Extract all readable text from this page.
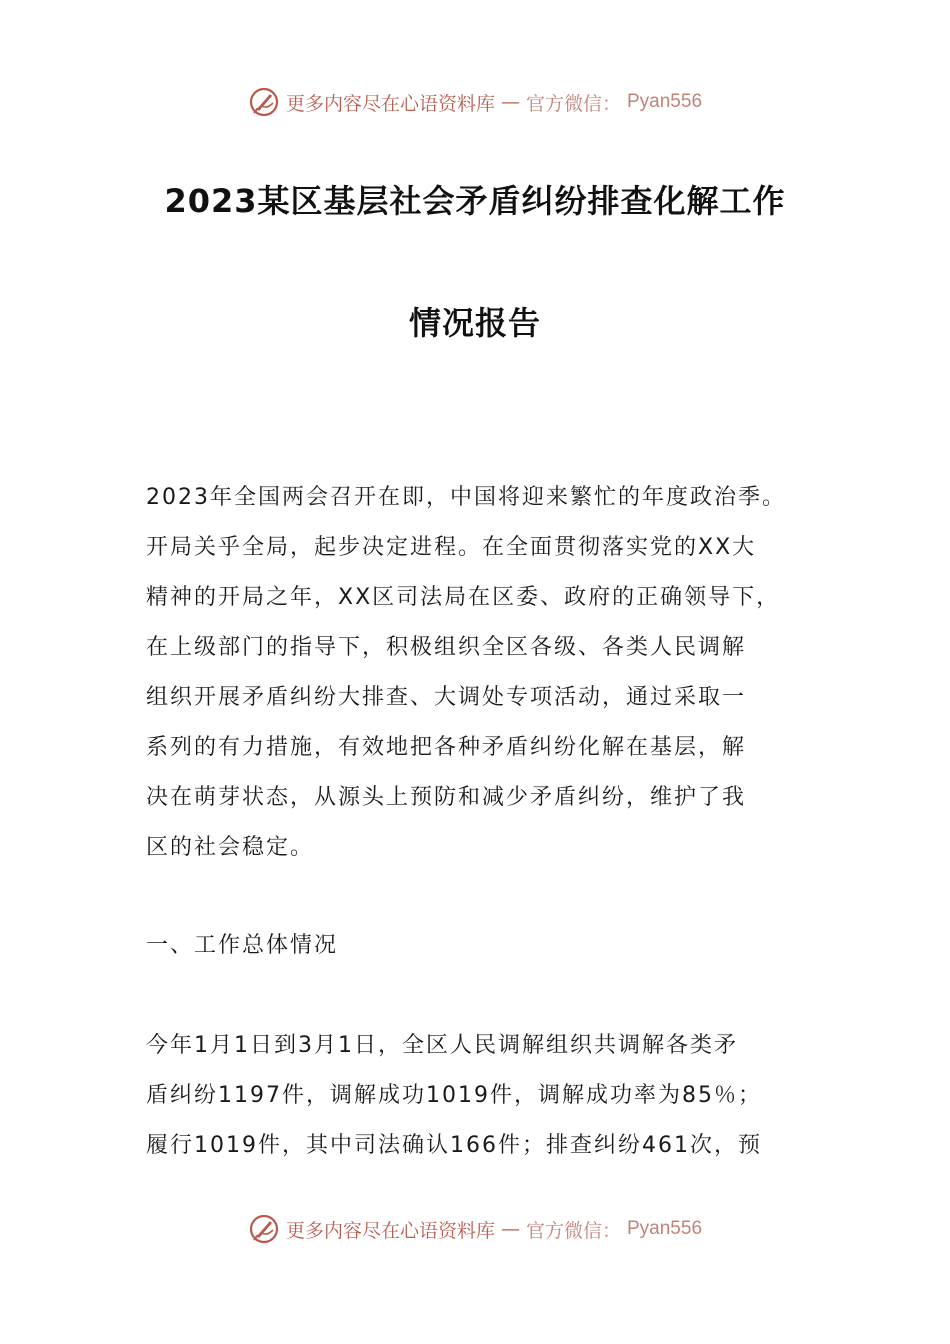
更多内容尽在心语资料库 — 官方微信： Pyan556
2023某区基层社会矛盾纠纷排查化解工作
情况报告

2023年全国两会召开在即，中国将迎来繁忙的年度政治季。
开局关乎全局，起步决定进程。在全面贯彻落实党的XX大
精神的开局之年，XX区司法局在区委、政府的正确领导下，
在上级部门的指导下，积极组织全区各级、各类人民调解
组织开展矛盾纠纷大排查、大调处专项活动，通过采取一
系列的有力措施，有效地把各种矛盾纠纷化解在基层，解
决在萌芽状态，从源头上预防和减少矛盾纠纷，维护了我
区的社会稳定。

一、工作总体情况

今年1月1日到3月1日，全区人民调解组织共调解各类矛
盾纠纷1197件，调解成功1019件，调解成功率为85％；
履行1019件，其中司法确认166件；排查纠纷461次，预

更多内容尽在心语资料库 — 官方微信： Pyan556
